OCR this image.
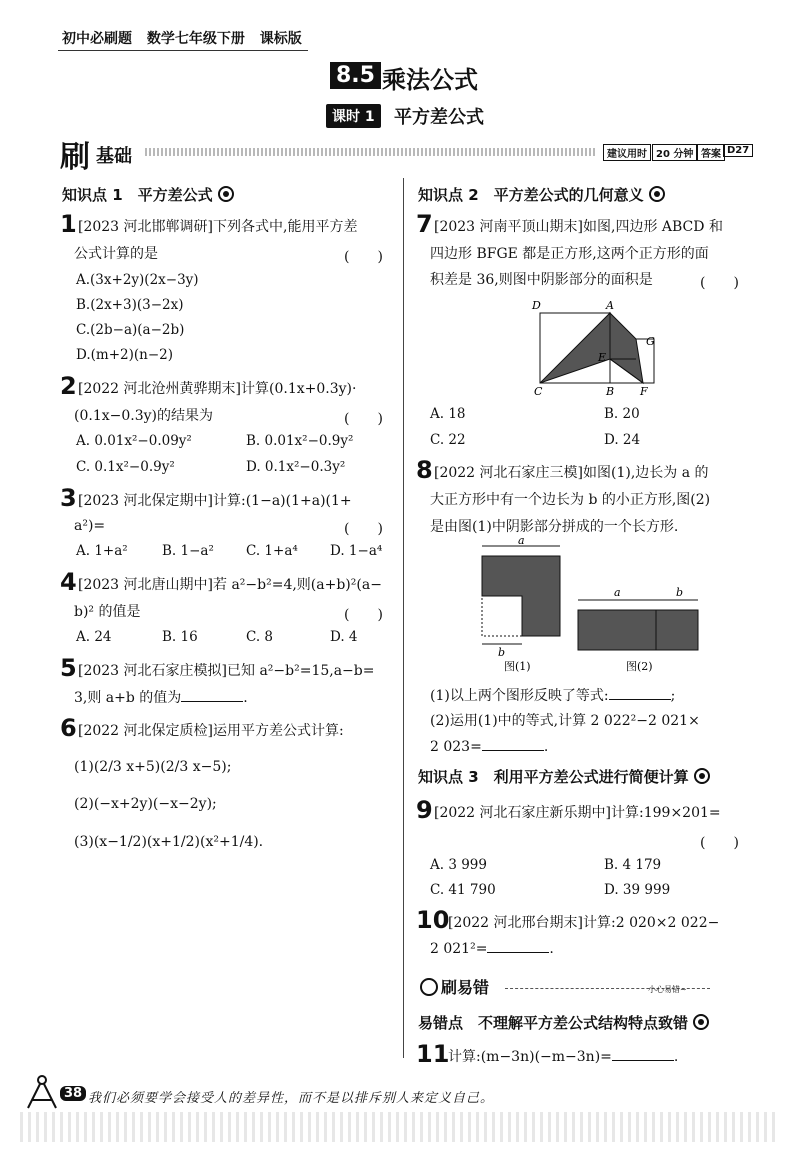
初中必刷题 数学七年级下册 课标版
8.5 乘法公式
课时 1	平方差公式
刷 基础	建议用时 20 分钟 答案 D27
知识点 1　平方差公式
1 [2023 河北邯郸调研]下列各式中,能用平方差
公式计算的是	(　　)
A.(3x+2y)(2x−3y)
B.(2x+3)(3−2x)
C.(2b−a)(a−2b)
D.(m+2)(n−2)
2 [2022 河北沧州黄骅期末]计算(0.1x+0.3y)·
(0.1x−0.3y)的结果为	(　　)
A. 0.01x²−0.09y²	B. 0.01x²−0.9y²
C. 0.1x²−0.9y²	D. 0.1x²−0.3y²
3 [2023 河北保定期中]计算:(1−a)(1+a)(1+
a²)=	(　　)
A. 1+a²	B. 1−a² C. 1+a⁴ D. 1−a⁴
4 [2023 河北唐山期中]若 a²−b²=4,则(a+b)²(a−
b)² 的值是	(　　)
A. 24	B. 16	C. 8	D. 4
5 [2023 河北石家庄模拟]已知 a²−b²=15,a−b=
3,则 a+b 的值为	.
6 [2022 河北保定质检]运用平方差公式计算:
(1)(2/3 x+5)(2/3 x−5);
(2)(−x+2y)(−x−2y);
(3)(x−1/2)(x+1/2)(x²+1/4).
知识点 2　平方差公式的几何意义
7 [2023 河南平顶山期末]如图,四边形 ABCD 和
四边形 BFGE 都是正方形,这两个正方形的面
积差是 36,则图中阴影部分的面积是	(　　)
D	A
G
E
C	B F
A. 18	B. 20
C. 22	D. 24
8 [2022 河北石家庄三模]如图(1),边长为 a 的
大正方形中有一个边长为 b 的小正方形,图(2)
是由图(1)中阴影部分拼成的一个长方形.
a
b
图(1)
a	b
图(2)
(1)以上两个图形反映了等式:	;
(2)运用(1)中的等式,计算 2 022²−2 021×
2 023=	.
知识点 3　利用平方差公式进行简便计算
9 [2022 河北石家庄新乐期中]计算:199×201=
(　　)
A. 3 999	B. 4 179
C. 41 790	D. 39 999
10
[2022 河北邢台期末]计算:2 020×2 022−
2 021²=	.
刷易错	小心易错~
易错点　不理解平方差公式结构特点致错
11
计算:(m−3n)(−m−3n)=	.
38 我们必须要学会接受人的差异性，而不是以排斥别人来定义自己。
